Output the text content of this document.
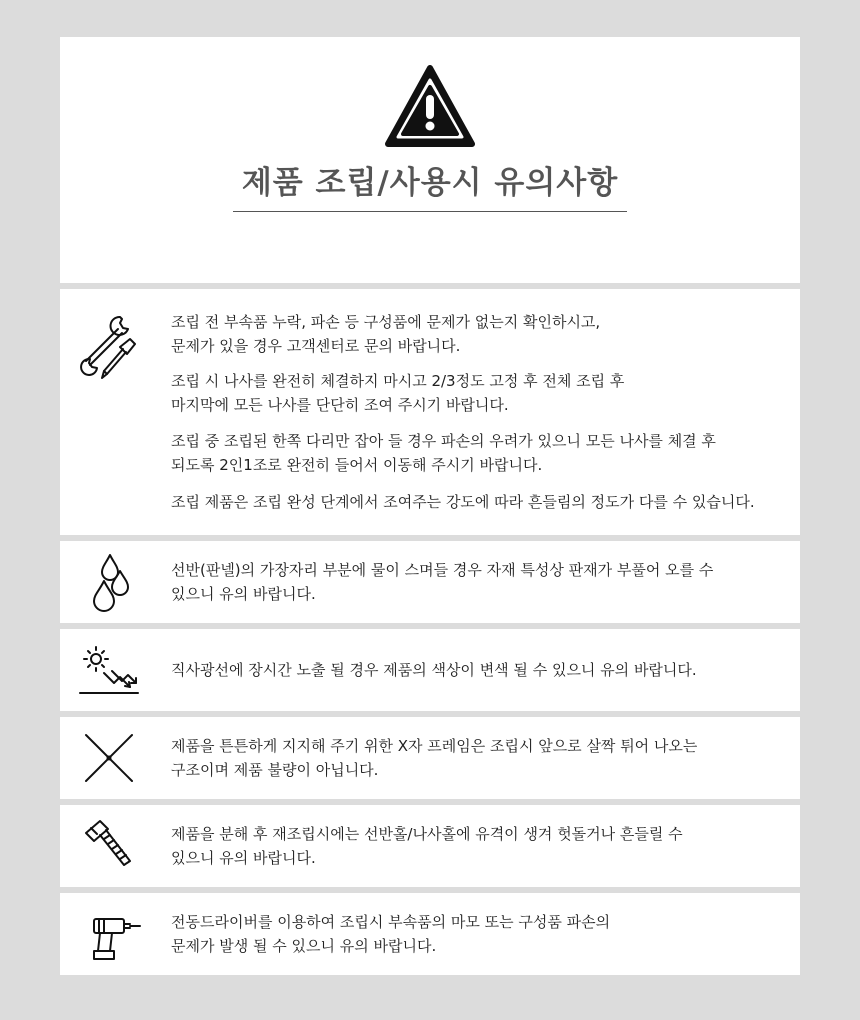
제품 조립/사용시 유의사항
조립 전 부속품 누락, 파손 등 구성품에 문제가 없는지 확인하시고,
문제가 있을 경우 고객센터로 문의 바랍니다.
조립 시 나사를 완전히 체결하지 마시고 2/3정도 고정 후 전체 조립 후
마지막에 모든 나사를 단단히 조여 주시기 바랍니다.
조립 중 조립된 한쪽 다리만 잡아 들 경우 파손의 우려가 있으니 모든 나사를 체결 후
되도록 2인1조로 완전히 들어서 이동해 주시기 바랍니다.
조립 제품은 조립 완성 단계에서 조여주는 강도에 따라 흔들림의 정도가 다를 수 있습니다.
선반(판넬)의 가장자리 부분에 물이 스며들 경우 자재 특성상 판재가 부풀어 오를 수
있으니 유의 바랍니다.
직사광선에 장시간 노출 될 경우 제품의 색상이 변색 될 수 있으니 유의 바랍니다.
제품을 튼튼하게 지지해 주기 위한 X자 프레임은 조립시 앞으로 살짝 튀어 나오는
구조이며 제품 불량이 아닙니다.
제품을 분해 후 재조립시에는 선반홀/나사홀에 유격이 생겨 헛돌거나 흔들릴 수
있으니 유의 바랍니다.
전동드라이버를 이용하여 조립시 부속품의 마모 또는 구성품 파손의
문제가 발생 될 수 있으니 유의 바랍니다.
